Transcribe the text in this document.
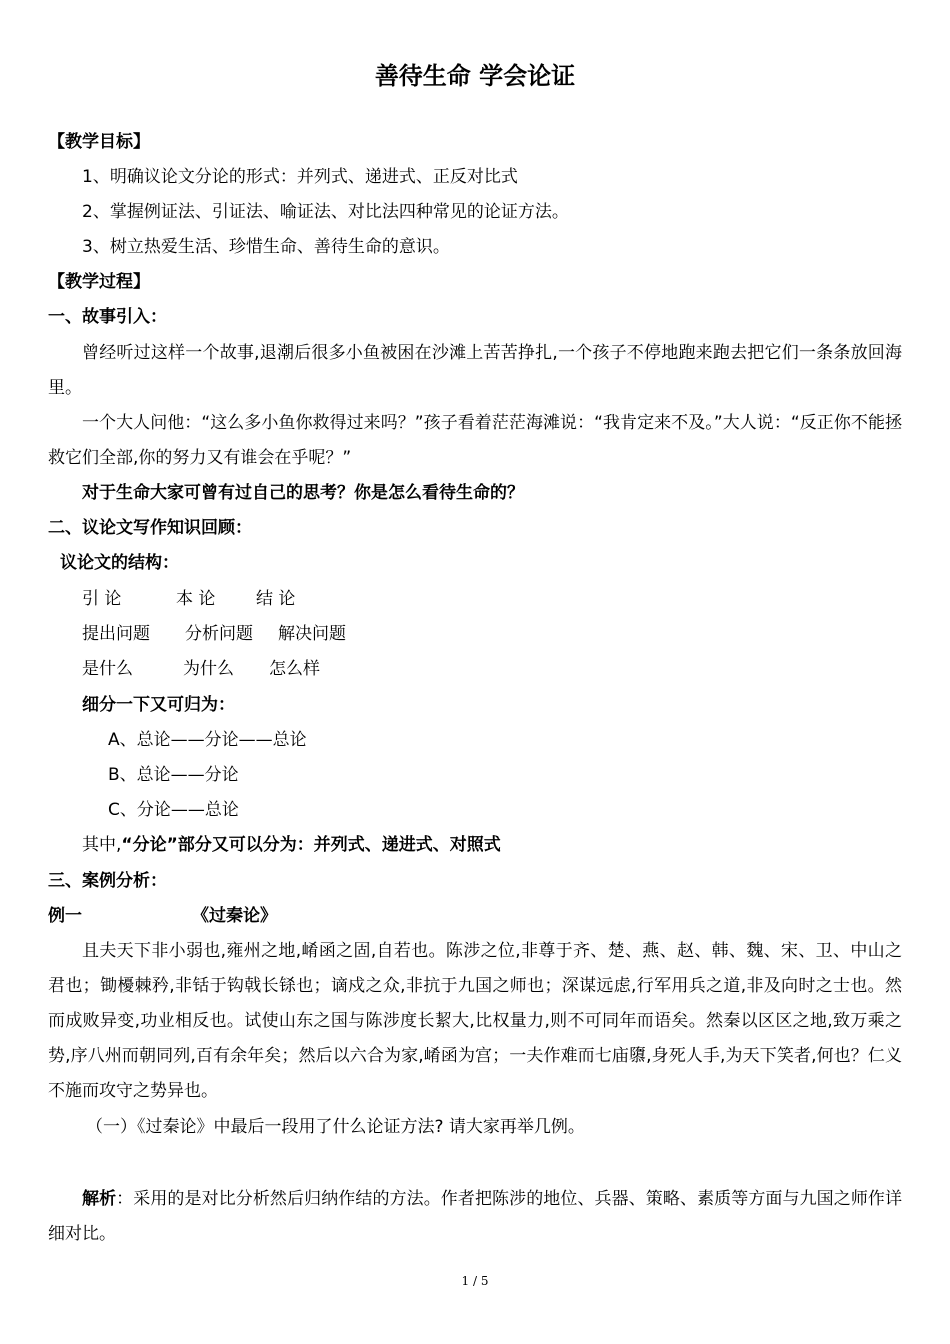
善待生命 学会论证
【教学目标】
1、明确议论文分论的形式：并列式、递进式、正反对比式
2、掌握例证法、引证法、喻证法、对比法四种常见的论证方法。
3、树立热爱生活、珍惜生命、善待生命的意识。
【教学过程】
一、故事引入：
曾经听过这样一个故事,退潮后很多小鱼被困在沙滩上苦苦挣扎,一个孩子不停地跑来跑去把它们一条条放回海里。
一个大人问他：“这么多小鱼你救得过来吗？”孩子看着茫茫海滩说：“我肯定来不及。”大人说：“反正你不能拯救它们全部,你的努力又有谁会在乎呢？”
对于生命大家可曾有过自己的思考？你是怎么看待生命的？
二、议论文写作知识回顾：
议论文的结构：
引 论	本 论 结 论
提出问题 分析问题 解决问题
是什么	为什么 怎么样
细分一下又可归为：
A、总论——分论——总论
B、总论——分论
C、分论——总论
其中,“分论”部分又可以分为：并列式、递进式、对照式
三、案例分析：
例一	《过秦论》
且夫天下非小弱也,雍州之地,崤函之固,自若也。陈涉之位,非尊于齐、楚、燕、赵、韩、魏、宋、卫、中山之君也；锄櫌棘矜,非铦于钩戟长铩也；谪戍之众,非抗于九国之师也；深谋远虑,行军用兵之道,非及向时之士也。然而成败异变,功业相反也。试使山东之国与陈涉度长絜大,比权量力,则不可同年而语矣。然秦以区区之地,致万乘之势,序八州而朝同列,百有余年矣；然后以六合为家,崤函为宫；一夫作难而七庙隳,身死人手,为天下笑者,何也？仁义不施而攻守之势异也。
（一）《过秦论》中最后一段用了什么论证方法? 请大家再举几例。
解析：采用的是对比分析然后归纳作结的方法。作者把陈涉的地位、兵器、策略、素质等方面与九国之师作详细对比。
1 / 5
